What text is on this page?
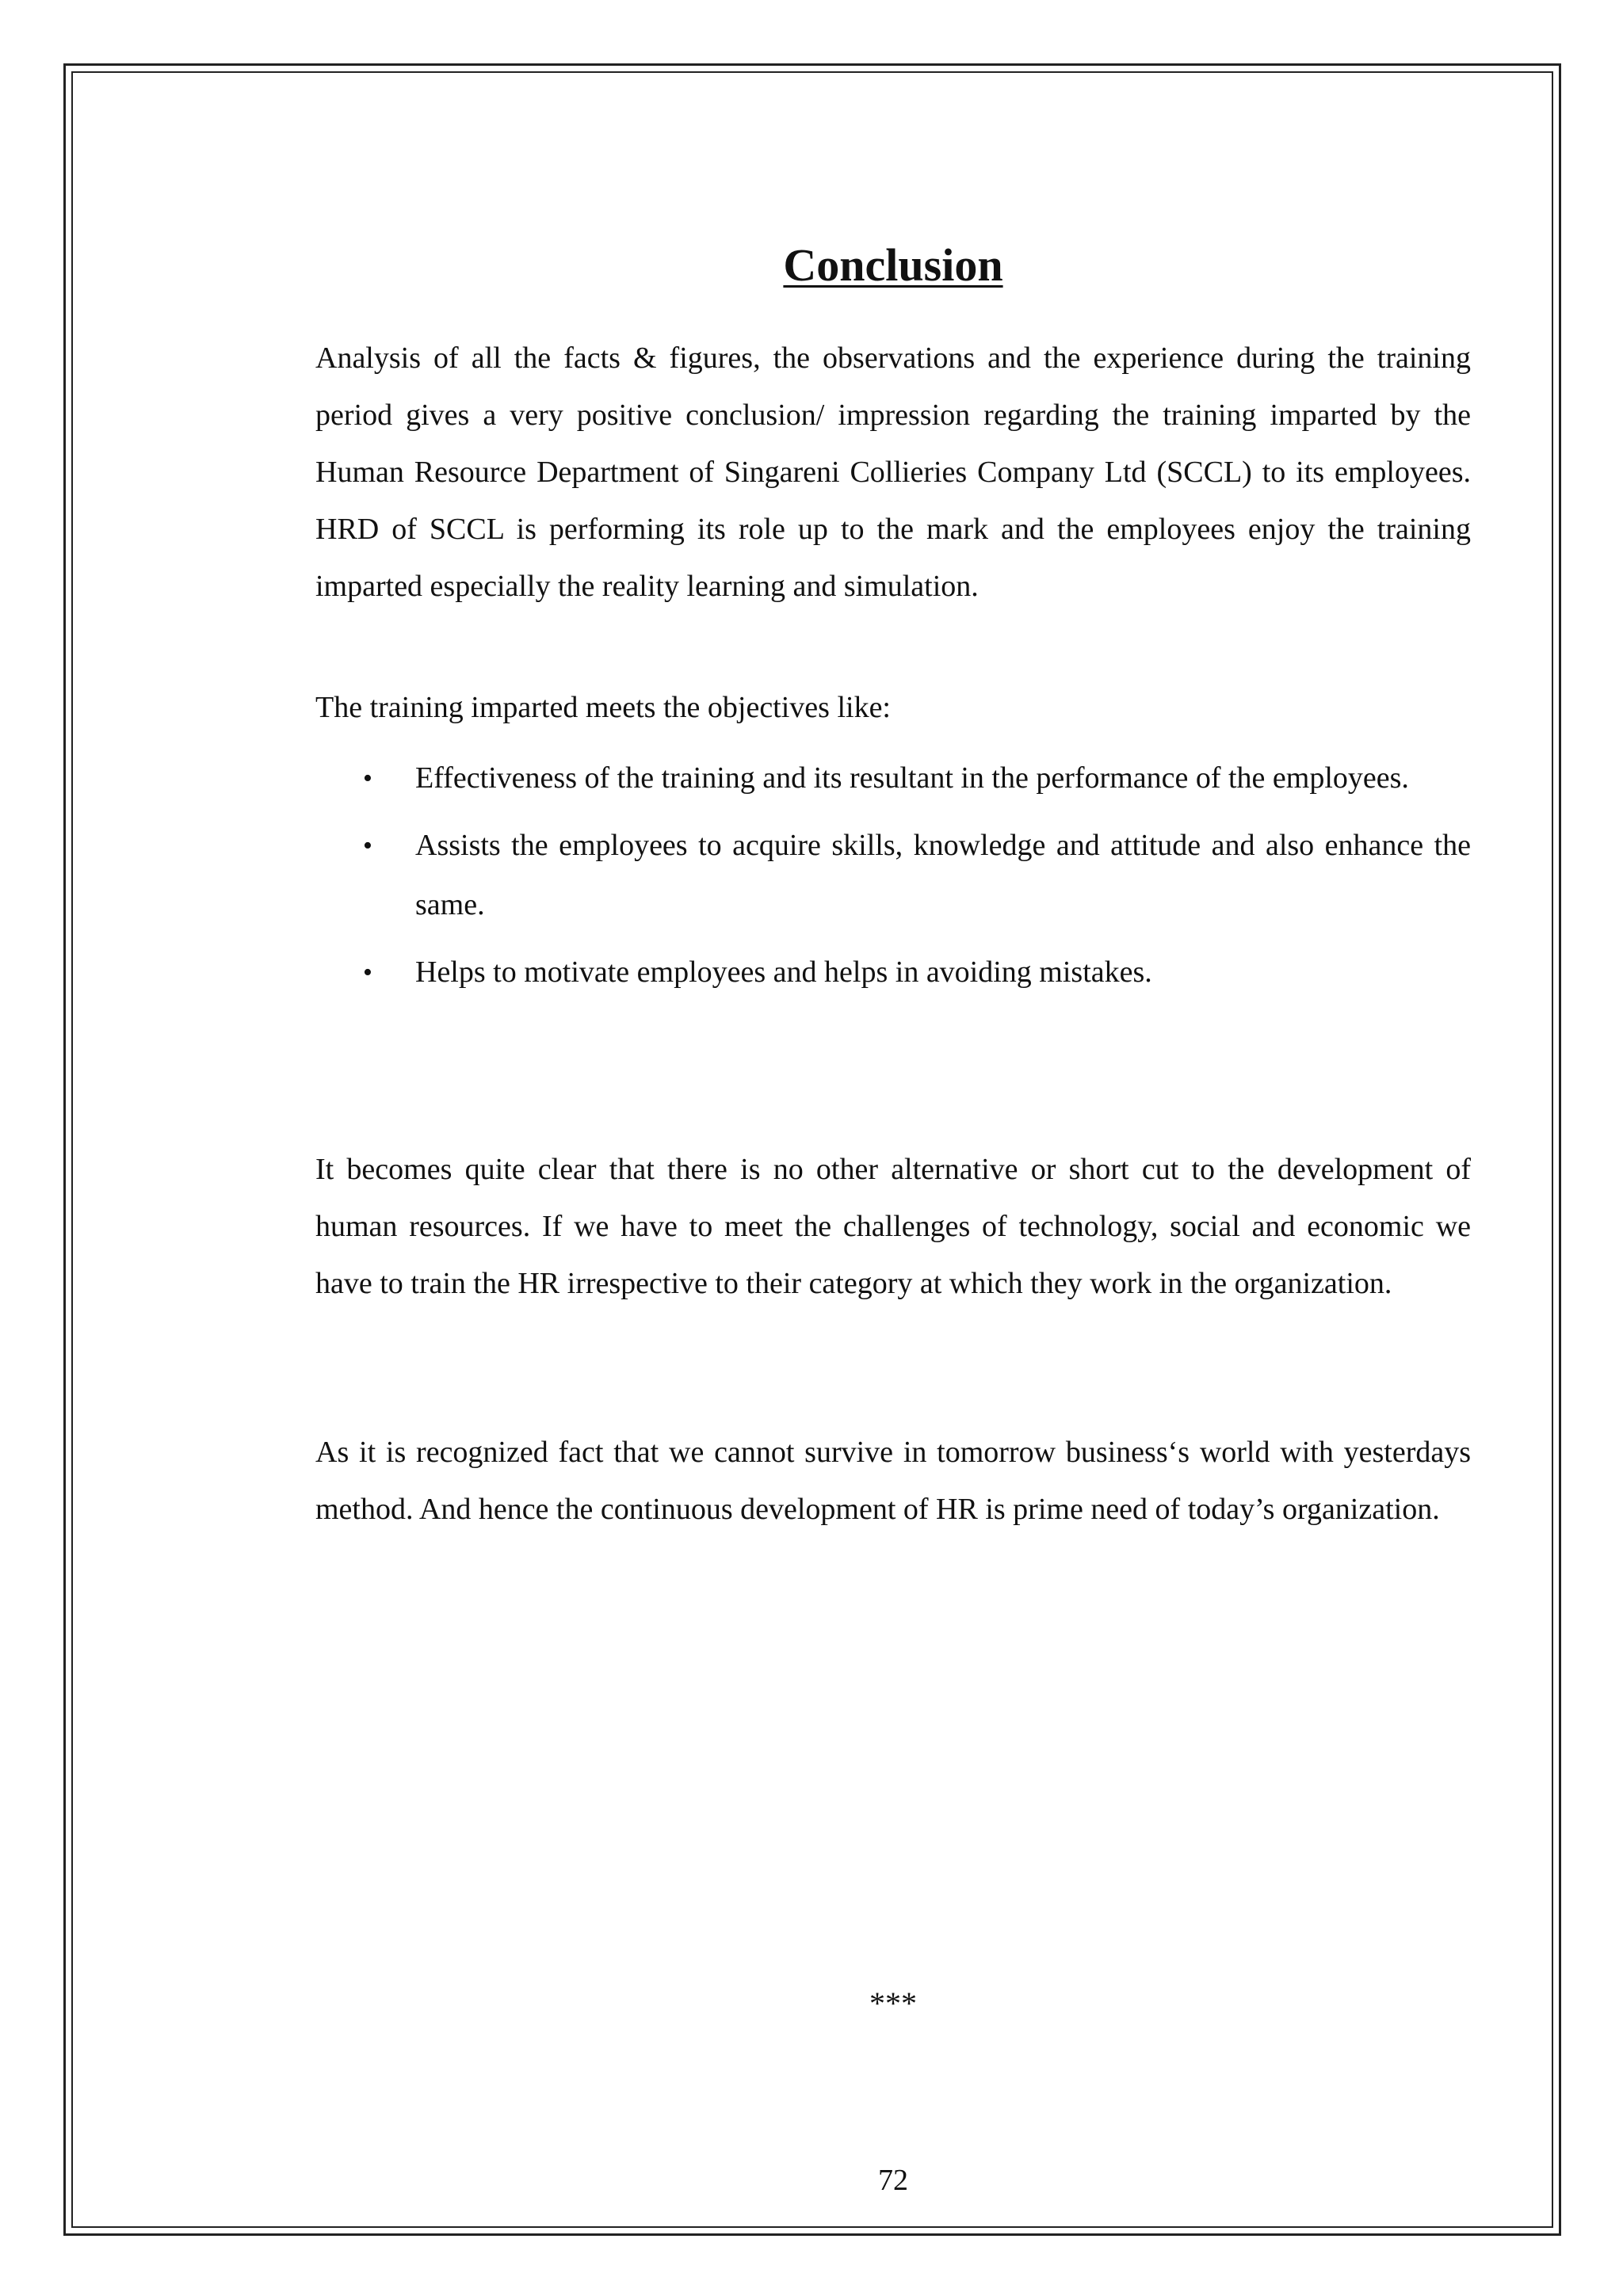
Conclusion

Analysis of all the facts & figures, the observations and the experience during the training period gives a very positive conclusion/ impression regarding the training imparted by the Human Resource Department of Singareni Collieries Company Ltd (SCCL) to its employees. HRD of SCCL is performing its role up to the mark and the employees enjoy the training imparted especially the reality learning and simulation.

The training imparted meets the objectives like:

• Effectiveness of the training and its resultant in the performance of the employees.
• Assists the employees to acquire skills, knowledge and attitude and also enhance the same.
• Helps to motivate employees and helps in avoiding mistakes.

It becomes quite clear that there is no other alternative or short cut to the development of human resources. If we have to meet the challenges of technology, social and economic we have to train the HR irrespective to their category at which they work in the organization.

As it is recognized fact that we cannot survive in tomorrow business‘s world with yesterdays method. And hence the continuous development of HR is prime need of today’s organization.

***

72
